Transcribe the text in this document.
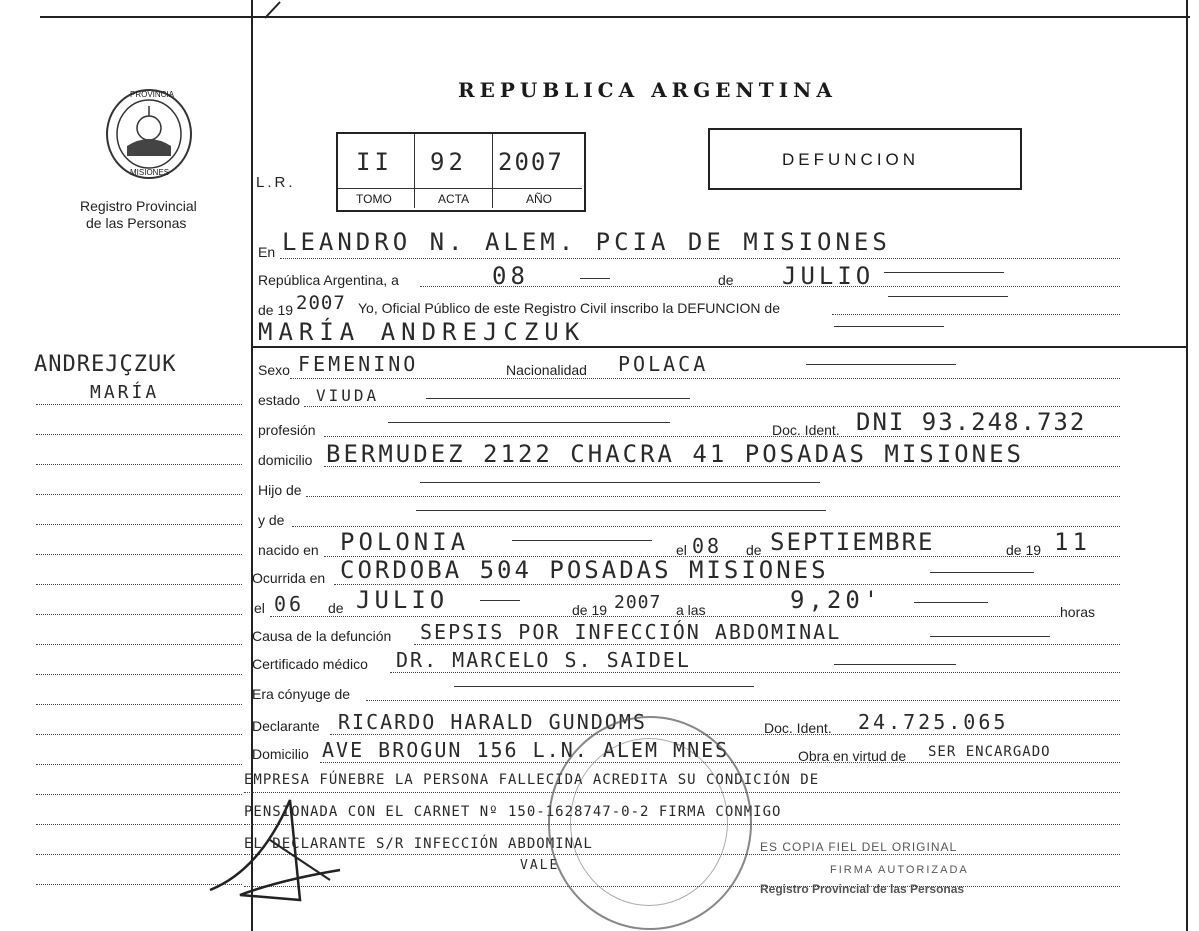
PROVINCIA
MISIONES
Registro Provincial
de las Personas
REPUBLICA ARGENTINA
L.R.
II 92 2007
TOMO	ACTA	AÑO
DEFUNCION
En LEANDRO N. ALEM. PCIA DE MISIONES
República Argentina, a	08	de JULIO
de 19 2007 Yo, Oficial Público de este Registro Civil inscribo la DEFUNCION de
MARÍA ANDREJCZUK
ANDREJÇZUK
MARÍA
Sexo FEMENINO	Nacionalidad POLACA
estado VIUDA
profesión	Doc. Ident. DNI 93.248.732
domicilio BERMUDEZ 2122 CHACRA 41 POSADAS MISIONES
Hijo de
y de
nacido en POLONIA	el 08 de SEPTIEMBRE	de 19 11
Ocurrida en CORDOBA 504 POSADAS MISIONES
el 06 de JULIO	de 19 2007 a las	9,20'	horas
Causa de la defunción SEPSIS POR INFECCIÓN ABDOMINAL
Certificado médico DR. MARCELO S. SAIDEL
Era cónyuge de
Declarante RICARDO HARALD GUNDOMS	Doc. Ident. 24.725.065
Domicilio AVE BROGUN 156 L.N. ALEM MNES	Obra en virtud de SER ENCARGADO
EMPRESA FÚNEBRE LA PERSONA FALLECIDA ACREDITA SU CONDICIÓN DE
PENSIONADA CON EL CARNET Nº 150-1628747-0-2 FIRMA CONMIGO
EL DECLARANTE S/R INFECCIÓN ABDOMINAL
VALE
ES COPIA FIEL DEL ORIGINAL
FIRMA AUTORIZADA
Registro Provincial de las Personas
